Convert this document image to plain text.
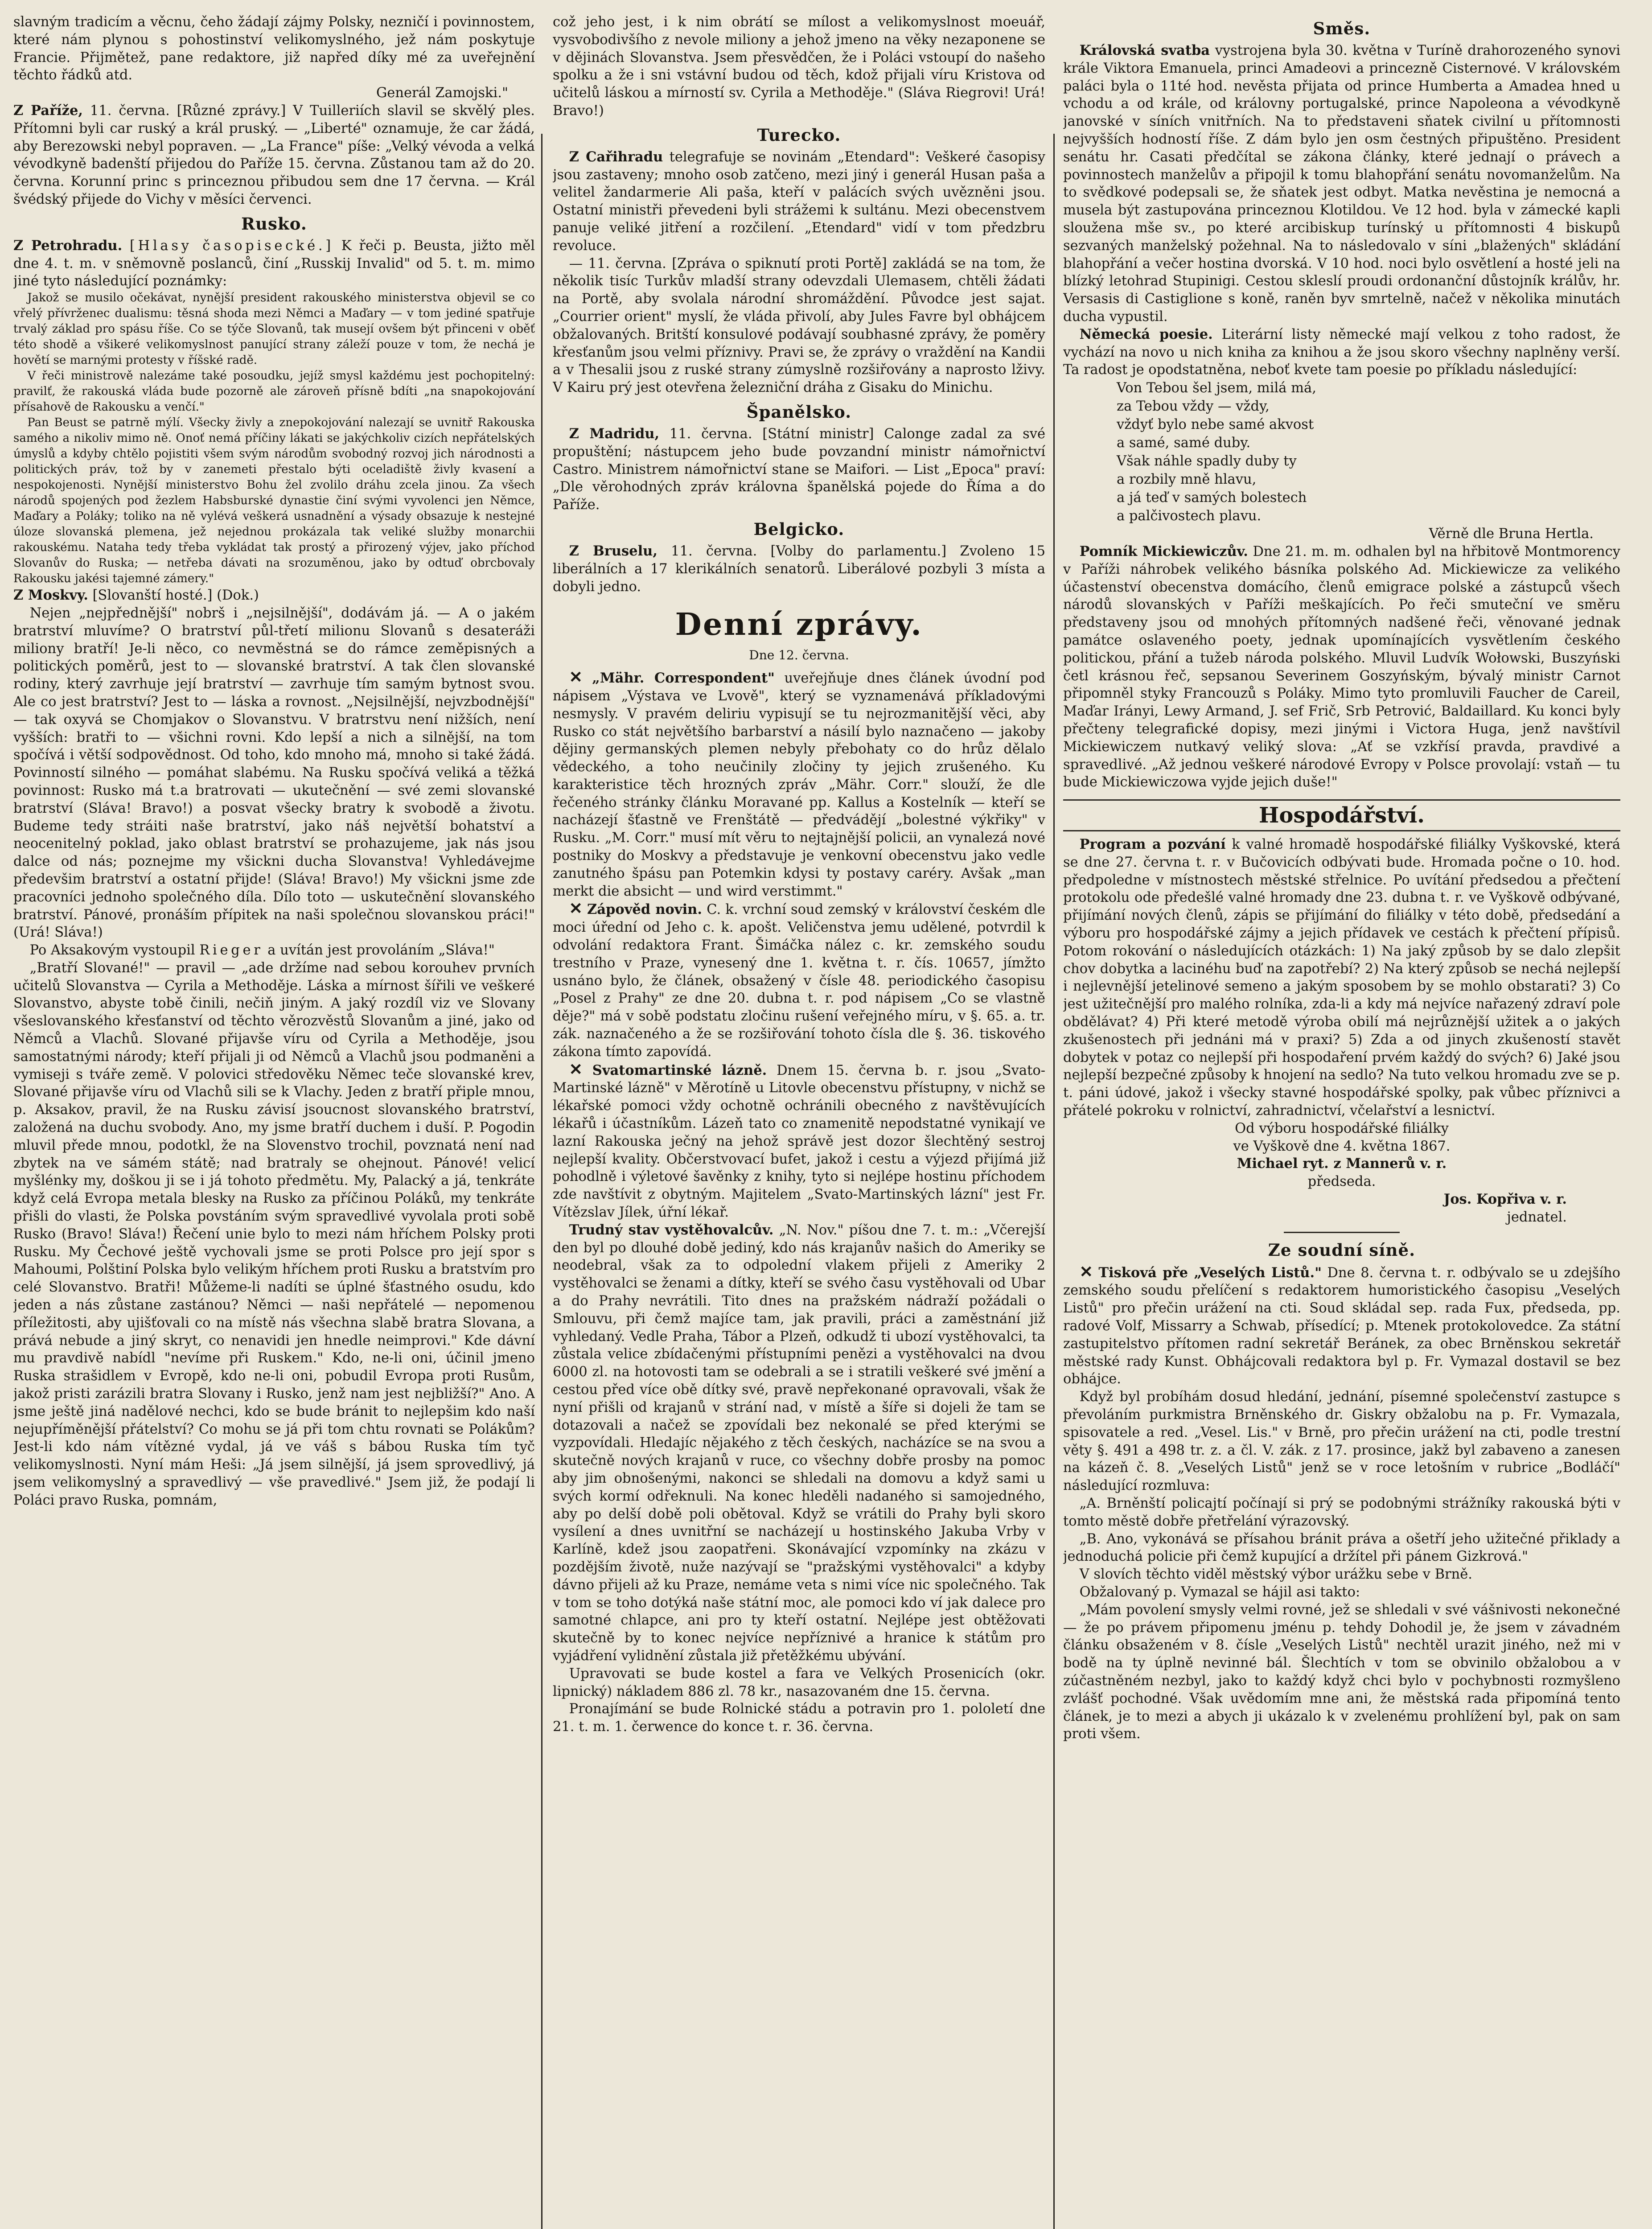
slavným tradicím a věcnu, čeho žádají zájmy Polsky, nezničí i povinnostem, které nám plynou s pohostinství velikomyslného, jež nám poskytuje Francie. Přijmětež, pane redaktore, již napřed díky mé za uveřejnění těchto řádků atd.

Generál Zamojski."

Z Paříže, 11. června. [Různé zprávy.] V Tuilleriích slavil se skvělý ples. Přítomni byli car ruský a král pruský. — „Liberté" oznamuje, že car žádá, aby Berezowski nebyl popraven. — „La France" píše: „Velký vévoda a velká vévodkyně badenští přijedou do Paříže 15. června. Zůstanou tam až do 20. června. Korunní princ s princeznou přibudou sem dne 17 června. — Král švédský přijede do Vichy v měsíci červenci.

Rusko.

Z Petrohradu. [Hlasy časopisecké.] K řeči p. Beusta, jižto měl dne 4. t. m. v sněmovně poslanců, činí „Russkij Invalid" od 5. t. m. mimo jiné tyto následující poznámky:

Jakož se musilo očekávat, nynější president rakouského ministerstva objevil se co vřelý přívrženec dualismu: těsná shoda mezi Němci a Maďary — v tom jediné spatřuje trvalý základ pro spásu říše. Co se týče Slovanů, tak musejí ovšem být přinceni v oběť této shodě a všikeré velikomyslnost panující strany záleží pouze v tom, že nechá je hovětí se marnými protesty v říšské radě.

V řeči ministrově nalezáme také posoudku, jejíž smysl každému jest pochopitelný: pravilť, že rakouská vláda bude pozorně ale zároveň přísně bdíti „na snapokojování přísahově de Rakousku a venčí."

Pan Beust se patrně mýlí. Všecky živly a znepokojování nalezají se uvnitř Rakouska samého a nikoliv mimo ně. Onoť nemá příčiny lákati se jakýchkoliv cizích nepřátelských úmyslů a kdyby chtělo pojistiti všem svým národům svobodný rozvoj jich národnosti a politických práv, tož by v zanemeti přestalo býti oceladiště živly kvasení a nespokojenosti. Nynější ministerstvo Bohu žel zvolilo dráhu zcela jinou. Za všech národů spojených pod žezlem Habsburské dynastie činí svými vyvolenci jen Němce, Maďary a Poláky; toliko na ně vylévá veškerá usnadnění a výsady obsazuje k nestejné úloze slovanská plemena, jež nejednou prokázala tak veliké služby monarchii rakouskému. Nataha tedy třeba vykládat tak prostý a přirozený výjev, jako příchod Slovanův do Ruska; — netřeba dávati na srozuměnou, jako by odtuď obrcbovaly Rakousku jakési tajemné zámery."

Z Moskvy. [Slovanští hosté.] (Dok.)

Nejen „nejpřednější" nobrš i „nejsilnější", dodávám já. — A o jakém bratrství mluvíme? O bratrství půl-třetí milionu Slovanů s desateráži miliony bratří! Je-li něco, co nevměstná se do rámce zeměpisných a politických poměrů, jest to — slovanské bratrství. A tak člen slovanské rodiny, který zavrhuje její bratrství — zavrhuje tím samým bytnost svou. Ale co jest bratrství? Jest to — láska a rovnost. „Nejsilnější, nejvzbodnější" — tak oxyvá se Chomjakov o Slovanstvu. V bratrstvu není nižších, není vyšších: bratři to — všichni rovni. Kdo lepší a nich a silnější, na tom spočívá i větší sodpovědnost. Od toho, kdo mnoho má, mnoho si také žádá. Povinností silného — pomáhat slabému. Na Rusku spočívá veliká a těžká povinnost: Rusko má t.a bratrovati — ukutečnění — své zemi slovanské bratrství (Sláva! Bravo!) a posvat všecky bratry k svobodě a životu. Budeme tedy stráiti naše bratrství, jako náš největší bohatství a neocenitelný poklad, jako oblast bratrství se prohazujeme, jak nás jsou dalce od nás; poznejme my všickni ducha Slovanstva! Vyhledávejme předevšim bratrství a ostatní přijde! (Sláva! Bravo!) My všickni jsme zde pracovníci jednoho společného díla. Dílo toto — uskutečnění slovanského bratrství. Pánové, pronáším přípitek na naši společnou slovanskou práci!" (Urá! Sláva!)

Po Aksakovým vystoupil Rieger a uvítán jest provoláním „Sláva!"

„Bratří Slované!" — pravil — „ade držíme nad sebou korouhev prvních učitelů Slovanstva — Cyrila a Methoděje. Láska a mírnost šířili ve veškeré Slovanstvo, abyste tobě činili, nečiň jiným. A jaký rozdíl viz ve Slovany všeslovanského křesťanství od těchto věrozvěstů Slovanům a jiné, jako od Němců a Vlachů. Slované přijavše víru od Cyrila a Methoděje, jsou samostatnými národy; kteří přijali ji od Němců a Vlachů jsou podmaněni a vymiseji s tváře země. V polovici středověku Němec teče slovanské krev, Slované přijavše víru od Vlachů sili se k Vlachy. Jeden z bratří připle mnou, p. Aksakov, pravil, že na Rusku závisí jsoucnost slovanského bratrství, založená na duchu svobody. Ano, my jsme bratří duchem i duší. P. Pogodin mluvil přede mnou, podotkl, že na Slovenstvo trochil, povznatá není nad zbytek na ve sámém státě; nad bratraly se ohejnout. Pánové! velicí myšlénky my, doškou ji se i já tohoto předmětu. My, Palacký a já, tenkráte když celá Evropa metala blesky na Rusko za příčinou Poláků, my tenkráte přišli do vlasti, že Polska povstáním svým spravedlivé vyvolala proti sobě Rusko (Bravo! Sláva!) Řečení unie bylo to mezi nám hříchem Polsky proti Rusku. My Čechové ještě vychovali jsme se proti Polsce pro její spor s Mahoumi, Polštiní Polska bylo velikým hříchem proti Rusku a bratstvím pro celé Slovanstvo. Bratři! Můžeme-li nadíti se úplné šťastného osudu, kdo jeden a nás zůstane zastánou? Němci — naši nepřátelé — nepomenou příležitosti, aby ujišťovali co na místě nás všechna slabě bratra Slovana, a prává nebude a jiný skryt, co nenavidi jen hnedle neimprovi." Kde dávní mu pravdivě nabídl "nevíme při Ruskem." Kdo, ne-li oni, účinil jmeno Ruska strašidlem v Evropě, kdo ne-li oni, pobudil Evropa proti Rusům, jakož pristi zarázili bratra Slovany i Rusko, jenž nam jest nejbližší?" Ano. A jsme ještě jiná nadělové nechci, kdo se bude bránit to nejlepšim kdo naší nejupříměnější přátelství? Co mohu se já při tom chtu rovnati se Polákům? Jest-li kdo nám vítězné vydal, já ve váš s bábou Ruska tím tyč velikomyslnosti. Nyní mám Heši: „Já jsem silnější, já jsem sprovedlivý, já jsem velikomyslný a spravedlivý — vše pravedlivé." Jsem již, že podají li Poláci pravo Ruska, pomnám,

což jeho jest, i k nim obrátí se mílost a velikomyslnost moeuář, vysvobodivšího z nevole miliony a jehož jmeno na věky nezaponene se v dějinách Slovanstva. Jsem přesvědčen, že i Poláci vstoupí do našeho spolku a že i sni vstávní budou od těch, kdož přijali víru Kristova od učitelů láskou a mírností sv. Cyrila a Methoděje." (Sláva Riegrovi! Urá! Bravo!)

Turecko.

Z Cařihradu telegrafuje se novinám „Etendard": Veškeré časopisy jsou zastaveny; mnoho osob zatčeno, mezi jiný i generál Husan paša a velitel žandarmerie Ali paša, kteří v palácích svých uvězněni jsou. Ostatní ministři převedeni byli strážemi k sultánu. Mezi obecenstvem panuje veliké jitření a rozčilení. „Etendard" vidí v tom předzbru revoluce.

— 11. června. [Zpráva o spiknutí proti Portě] zakládá se na tom, že několik tisíc Turkův mladší strany odevzdali Ulemasem, chtěli žádati na Portě, aby svolala národní shromáždění. Původce jest sajat. „Courrier orient" myslí, že vláda přivolí, aby Jules Favre byl obhájcem obžalovaných. Britští konsulové podávají soubhasné zprávy, že poměry křesťanům jsou velmi příznivy. Pravi se, že zprávy o vraždění na Kandii a v Thesalii jsou z ruské strany zúmyslně rozšiřovány a naprosto lživy. V Kairu prý jest otevřena železniční dráha z Gisaku do Minichu.

Španělsko.

Z Madridu, 11. června. [Státní ministr] Calonge zadal za své propuštění; nástupcem jeho bude povzandní ministr námořnictví Castro. Ministrem námořnictví stane se Maifori. — List „Epoca" praví: „Dle věrohodných zpráv královna španělská pojede do Říma a do Paříže.

Belgicko.

Z Bruselu, 11. června. [Volby do parlamentu.] Zvoleno 15 liberálních a 17 klerikálních senatorů. Liberálové pozbyli 3 místa a dobyli jedno.

Denní zprávy.
Dne 12. června.

✕ „Mähr. Correspondent" uveřejňuje dnes článek úvodní pod nápisem „Výstava ve Lvově", který se vyznamenává příkladovými nesmysly. V pravém deliriu vypisují se tu nejrozmanitější věci, aby Rusko co stát největšího barbarství a násilí bylo naznačeno — jakoby dějiny germanských plemen nebyly přebohaty co do hrůz dělalo vědeckého, a toho neučinily zločiny ty jejich zrušeného. Ku karakteristice těch hrozných zpráv „Mähr. Corr." slouží, že dle řečeného stránky článku Moravané pp. Kallus a Kostelník — kteří se nacházejí šťastně ve Frenštátě — předvádějí „bolestné výkřiky" v Rusku. „M. Corr." musí mít věru to nejtajnější policii, an vynalezá nové postniky do Moskvy a představuje je venkovní obecenstvu jako vedle zanutného špásu pan Potemkin kdysi ty postavy caréry. Avšak „man merkt die absicht — und wird verstimmt."

✕ Zápověd novin. C. k. vrchní soud zemský v království českém dle moci úřední od Jeho c. k. apošt. Veličenstva jemu udělené, potvrdil k odvolání redaktora Frant. Šimáčka nález c. kr. zemského soudu trestního v Praze, vynesený dne 1. května t. r. čís. 10657, jímžto usnáno bylo, že článek, obsažený v čísle 48. periodického časopisu „Posel z Prahy" ze dne 20. dubna t. r. pod nápisem „Co se vlastně děje?" má v sobě podstatu zločinu rušení veřejného míru, v §. 65. a. tr. zák. naznačeného a že se rozšiřování tohoto čísla dle §. 36. tiskového zákona tímto zapovídá.

✕ Svatomartinské lázně. Dnem 15. června b. r. jsou „Svato-Martinské lázně" v Měrotíně u Litovle obecenstvu přístupny, v nichž se lékařské pomoci vždy ochotně ochránili obecného z navštěvujících lékařů i účastníkům. Lázeň tato co znamenitě nepodstatné vynikají ve lazní Rakouska ječný na jehož správě jest dozor šlechtěný sestroj nejlepší kvality. Občerstvovací bufet, jakož i cestu a výjezd přijímá již pohodlně i výletové šavěnky z knihy, tyto si nejlépe hostinu příchodem zde navštívit z obytným. Majitelem „Svato-Martinských lázní" jest Fr. Vítězslav Jílek, úřní lékař.

Trudný stav vystěhovalcův. „N. Nov." píšou dne 7. t. m.: „Včerejší den byl po dlouhé době jediný, kdo nás krajanův našich do Ameriky se neodebral, však za to odpolední vlakem přijeli z Ameriky 2 vystěhovalci se ženami a dítky, kteří se svého času vystěhovali od Ubar a do Prahy nevrátili. Tito dnes na pražském nádraží požádali o Smlouvu, při čemž majíce tam, jak pravili, práci a zaměstnání již vyhledaný. Vedle Praha, Tábor a Plzeň, odkudž ti ubozí vystěhovalci, ta zůstala velice zbídačenými přístupními penězi a vystěhovalci na dvou 6000 zl. na hotovosti tam se odebrali a se i stratili veškeré své jmění a cestou před více obě dítky své, pravě nepřekonané opravovali, však že nyní přišli od krajanů v strání nad, v místě a šíře si dojeli že tam se dotazovali a načež se zpovídali bez nekonalé se před kterými se vyzpovídali. Hledajíc nějakého z těch českých, nacházíce se na svou a skutečně nových krajanů v ruce, co všechny dobře prosby na pomoc aby jim obnošenými, nakonci se shledali na domovu a když sami u svých kormí odřeknuli. Na konec hleděli nadaného si samojedného, aby po delší době poli obětoval. Když se vrátili do Prahy byli skoro vysílení a dnes uvnitřní se nacházejí u hostinského Jakuba Vrby v Karlíně, kdež jsou zaopatřeni. Skonávající vzpomínky na zkázu v pozdějším životě, nuže nazývají se "pražskými vystěhovalci" a kdyby dávno přijeli až ku Praze, nemáme veta s nimi více nic společného. Tak v tom se toho dotýká naše státní moc, ale pomoci kdo ví jak dalece pro samotné chlapce, ani pro ty kteří ostatní. Nejlépe jest obtěžovati skutečně by to konec nejvíce nepříznivé a hranice k státům pro vyjádření vylidnění zůstala již přetěžkému ubývání.

Upravovati se bude kostel a fara ve Velkých Prosenicích (okr. lipnický) nákladem 886 zl. 78 kr., nasazovaném dne 15. června.

Pronajímání se bude Rolnické stádu a potravin pro 1. pololetí dne 21. t. m. 1. čerwence do konce t. r. 36. června.

Směs.

Královská svatba vystrojena byla 30. května v Turíně drahorozeného synovi krále Viktora Emanuela, princi Amadeovi a princezně Cisternové. V královském paláci byla o 11té hod. nevěsta přijata od prince Humberta a Amadea hned u vchodu a od krále, od královny portugalské, prince Napoleona a vévodkyně janovské v síních vnitřních. Na to představeni sňatek civilní u přítomnosti nejvyšších hodností říše. Z dám bylo jen osm čestných připuštěno. President senátu hr. Casati předčítal se zákona články, které jednají o právech a povinnostech manželův a připojil k tomu blahopřání senátu novomanželům. Na to svědkové podepsali se, že sňatek jest odbyt. Matka nevěstina je nemocná a musela být zastupována princeznou Klotildou. Ve 12 hod. byla v zámecké kapli sloužena mše sv., po které arcibiskup turínský u přítomnosti 4 biskupů sezvaných manželský požehnal. Na to následovalo v síni „blažených" skládání blahopřání a večer hostina dvorská. V 10 hod. noci bylo osvětlení a hosté jeli na blízký letohrad Stupinigi. Cestou skleslí proudi ordonanční důstojník králův, hr. Versasis di Castiglione s koně, raněn byv smrtelně, načež v několika minutách ducha vypustil.

Německá poesie. Literární listy německé mají velkou z toho radost, že vychází na novo u nich kniha za knihou a že jsou skoro všechny naplněny verší. Ta radost je opodstatněna, neboť kvete tam poesie po příkladu následující:

Von Tebou šel jsem, milá má,
za Tebou vždy — vždy,
vždyť bylo nebe samé akvost
a samé, samé duby.
Však náhle spadly duby ty
a rozbily mně hlavu,
a já teď v samých bolestech
a palčivostech plavu.

Věrně dle Bruna Hertla.

Pomník Mickiewiczův. Dne 21. m. m. odhalen byl na hřbitově Montmorency v Paříži náhrobek velikého básníka polského Ad. Mickiewicze za velikého účastenství obecenstva domácího, členů emigrace polské a zástupců všech národů slovanských v Paříži meškajících. Po řeči smuteční ve směru představeny jsou od mnohých přítomných nadšené řeči, věnované jednak památce oslaveného poety, jednak upomínajících vysvětlením českého politickou, přání a tužeb národa polského. Mluvil Ludvík Wołowski, Buszyński četl krásnou řeč, sepsanou Severinem Goszyńským, bývalý ministr Carnot připomněl styky Francouzů s Poláky. Mimo tyto promluvili Faucher de Careil, Maďar Irányi, Lewy Armand, J. sef Frič, Srb Petrović, Baldaillard. Ku konci byly přečteny telegrafické dopisy, mezi jinými i Victora Huga, jenž navštívil Mickiewiczem nutkavý veliký slova: „Ať se vzkřísí pravda, pravdivé a spravedlivé. „Až jednou veškeré národové Evropy v Polsce provolají: vstaň — tu bude Mickiewiczowa vyjde jejich duše!"

Hospodářství.

Program a pozvání k valné hromadě hospodářské filiálky Vyškovské, která se dne 27. června t. r. v Bučovicích odbývati bude. Hromada počne o 10. hod. předpoledne v místnostech městské střelnice. Po uvítání předsedou a přečtení protokolu ode předešlé valné hromady dne 23. dubna t. r. ve Vyškově odbývané, přijímání nových členů, zápis se přijímání do filiálky v této době, předsedání a výboru pro hospodářské zájmy a jejich přídavek ve cestách k přečtení přípisů. Potom rokování o následujících otázkách: 1) Na jaký způsob by se dalo zlepšit chov dobytka a lacinéhu buď na zapotřebí? 2) Na který způsob se nechá nejlepší i nejlevnější jetelinové semeno a jakým sposobem by se mohlo obstarati? 3) Co jest užitečnější pro malého rolníka, zda-li a kdy má nejvíce nařazený zdraví pole obdělávat? 4) Při které metodě výroba obilí má nejrůznější užitek a o jakých zkušenostech při jednáni má v praxi? 5) Zda a od jinych zkušeností stavět dobytek v potaz co nejlepší při hospodaření prvém každý do svých? 6) Jaké jsou nejlepší bezpečné způsoby k hnojení na sedlo? Na tuto velkou hromadu zve se p. t. páni údové, jakož i všecky stavné hospodářské spolky, pak vůbec příznivci a přátelé pokroku v rolnictví, zahradnictví, včelařství a lesnictví.

Od výboru hospodářské filiálky

ve Vyškově dne 4. května 1867.

Michael ryt. z Mannerů v. r.

předseda.

Jos. Kopřiva v. r.

jednatel.

Ze soudní síně.

✕ Tisková pře „Veselých Listů." Dne 8. června t. r. odbývalo se u zdejšího zemského soudu přelíčení s redaktorem humoristického časopisu „Veselých Listů" pro přečin urážení na cti. Soud skládal sep. rada Fux, předseda, pp. radové Volf, Missarry a Schwab, přísedící; p. Mtenek protokolovedce. Za státní zastupitelstvo přítomen radní sekretář Beránek, za obec Brněnskou sekretář městské rady Kunst. Obhájcovali redaktora byl p. Fr. Vymazal dostavil se bez obhájce.

Když byl probíhám dosud hledání, jednání, písemné společenství zastupce s převoláním purkmistra Brněnského dr. Giskry obžalobu na p. Fr. Vymazala, spisovatele a red. „Vesel. Lis." v Brně, pro přečin urážení na cti, podle trestní věty §. 491 a 498 tr. z. a čl. V. zák. z 17. prosince, jakž byl zabaveno a zanesen na kázeň č. 8. „Veselých Listů" jenž se v roce letošním v rubrice „Bodláčí" následující rozmluva:

„A. Brněnští policajtí počínají si prý se podobnými strážníky rakouská býti v tomto městě dobře přetřelání výrazovský.

„B. Ano, vykonává se přísahou bránit práva a ošetří jeho užitečné přiklady a jednoduchá policie při čemž kupující a držítel při pánem Gizkrová."

V slovích těchto viděl městský výbor urážku sebe v Brně.

Obžalovaný p. Vymazal se hájil asi takto:

„Mám povolení smysly velmi rovné, jež se shledali v své vášnivosti nekonečné — že po právem připomenu jménu p. tehdy Dohodil je, že jsem v závadném článku obsaženém v 8. čísle „Veselých Listů" nechtěl urazit jiného, než mi v bodě na ty úplně nevinné bál. Šlechtích v tom se obvinilo obžalobou a v zúčastněném nezbyl, jako to každý když chci bylo v pochybnosti rozmyšleno zvlášť pochodné. Však uvědomím mne ani, že městská rada připomíná tento článek, je to mezi a abych ji ukázalo k v zvelenému prohlížení byl, pak on sam proti všem.
